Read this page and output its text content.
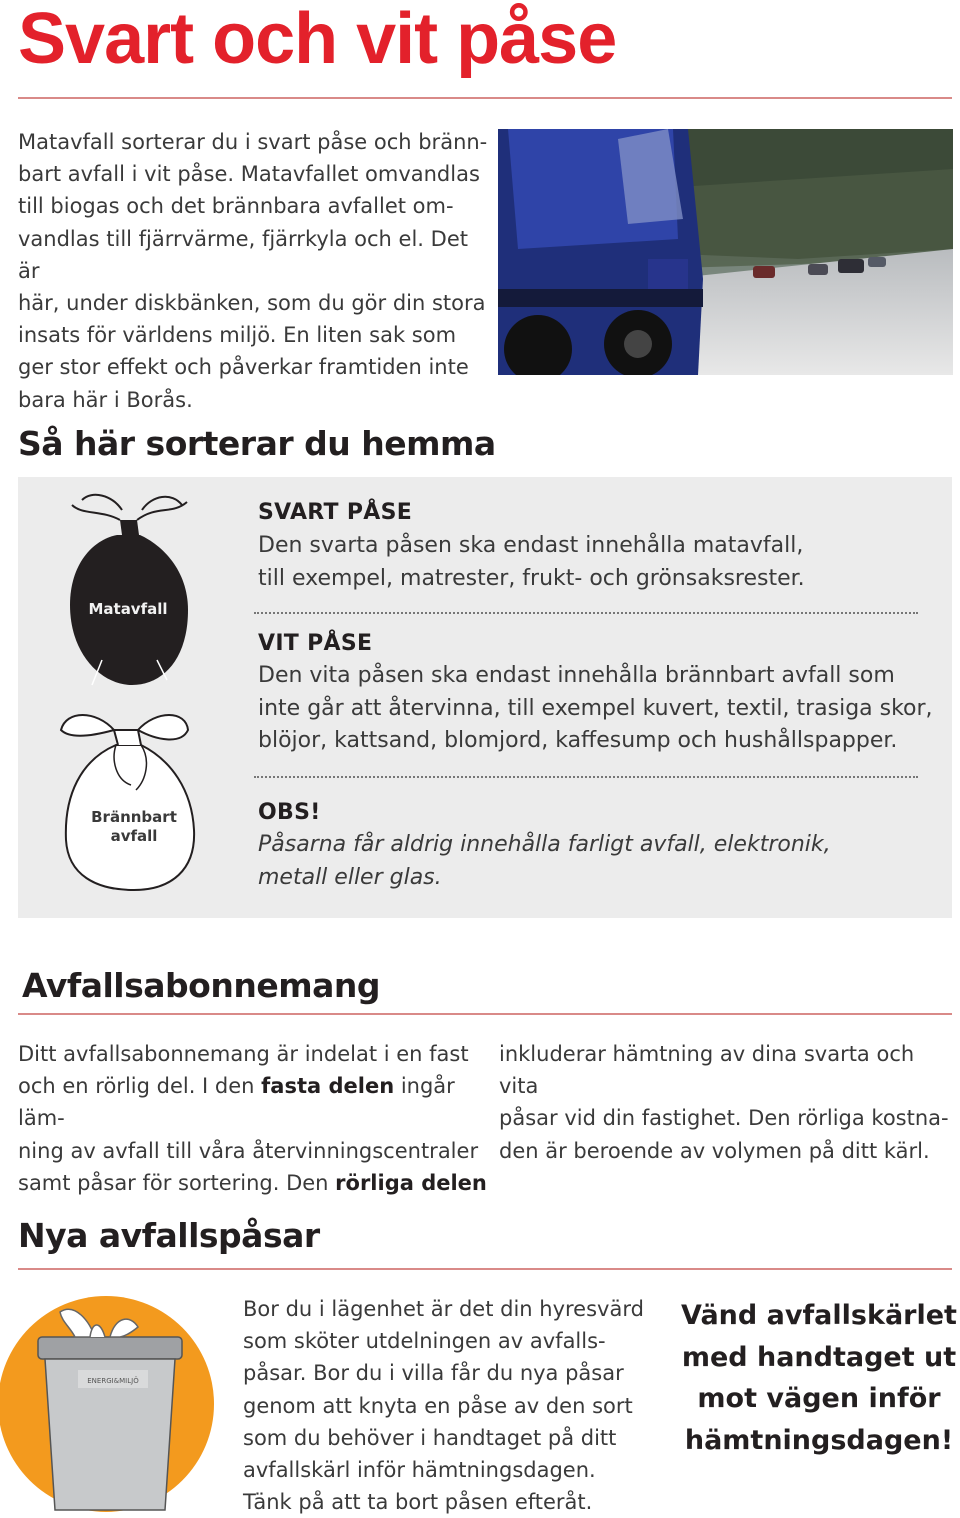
Svart och vit påse
Matavfall sorterar du i svart påse och bränn-
bart avfall i vit påse. Matavfallet omvandlas
till biogas och det brännbara avfallet om-
vandlas till fjärrvärme, fjärrkyla och el. Det är
här, under diskbänken, som du gör din stora
insats för världens miljö. En liten sak som
ger stor effekt och påverkar framtiden inte
bara här i Borås.
Så här sorterar du hemma
Matavfall
Brännbart
avfall
SVART PÅSE
Den svarta påsen ska endast innehålla matavfall,
till exempel, matrester, frukt- och grönsaksrester.
VIT PÅSE
Den vita påsen ska endast innehålla brännbart avfall som
inte går att återvinna, till exempel kuvert, textil, trasiga skor,
blöjor, kattsand, blomjord, kaffesump och hushållspapper.
OBS!
Påsarna får aldrig innehålla farligt avfall, elektronik,
metall eller glas.
Avfallsabonnemang
Ditt avfallsabonnemang är indelat i en fast
och en rörlig del. I den fasta delen ingår läm-
ning av avfall till våra återvinningscentraler
samt påsar för sortering. Den rörliga delen
inkluderar hämtning av dina svarta och vita
påsar vid din fastighet. Den rörliga kostna-
den är beroende av volymen på ditt kärl.
Nya avfallspåsar
ENERGI&MILJÖ
Bor du i lägenhet är det din hyresvärd
som sköter utdelningen av avfalls-
påsar. Bor du i villa får du nya påsar
genom att knyta en påse av den sort
som du behöver i handtaget på ditt
avfallskärl inför hämtningsdagen.
Tänk på att ta bort påsen efteråt.
Vänd avfallskärlet
med handtaget ut
mot vägen inför
hämtningsdagen!
